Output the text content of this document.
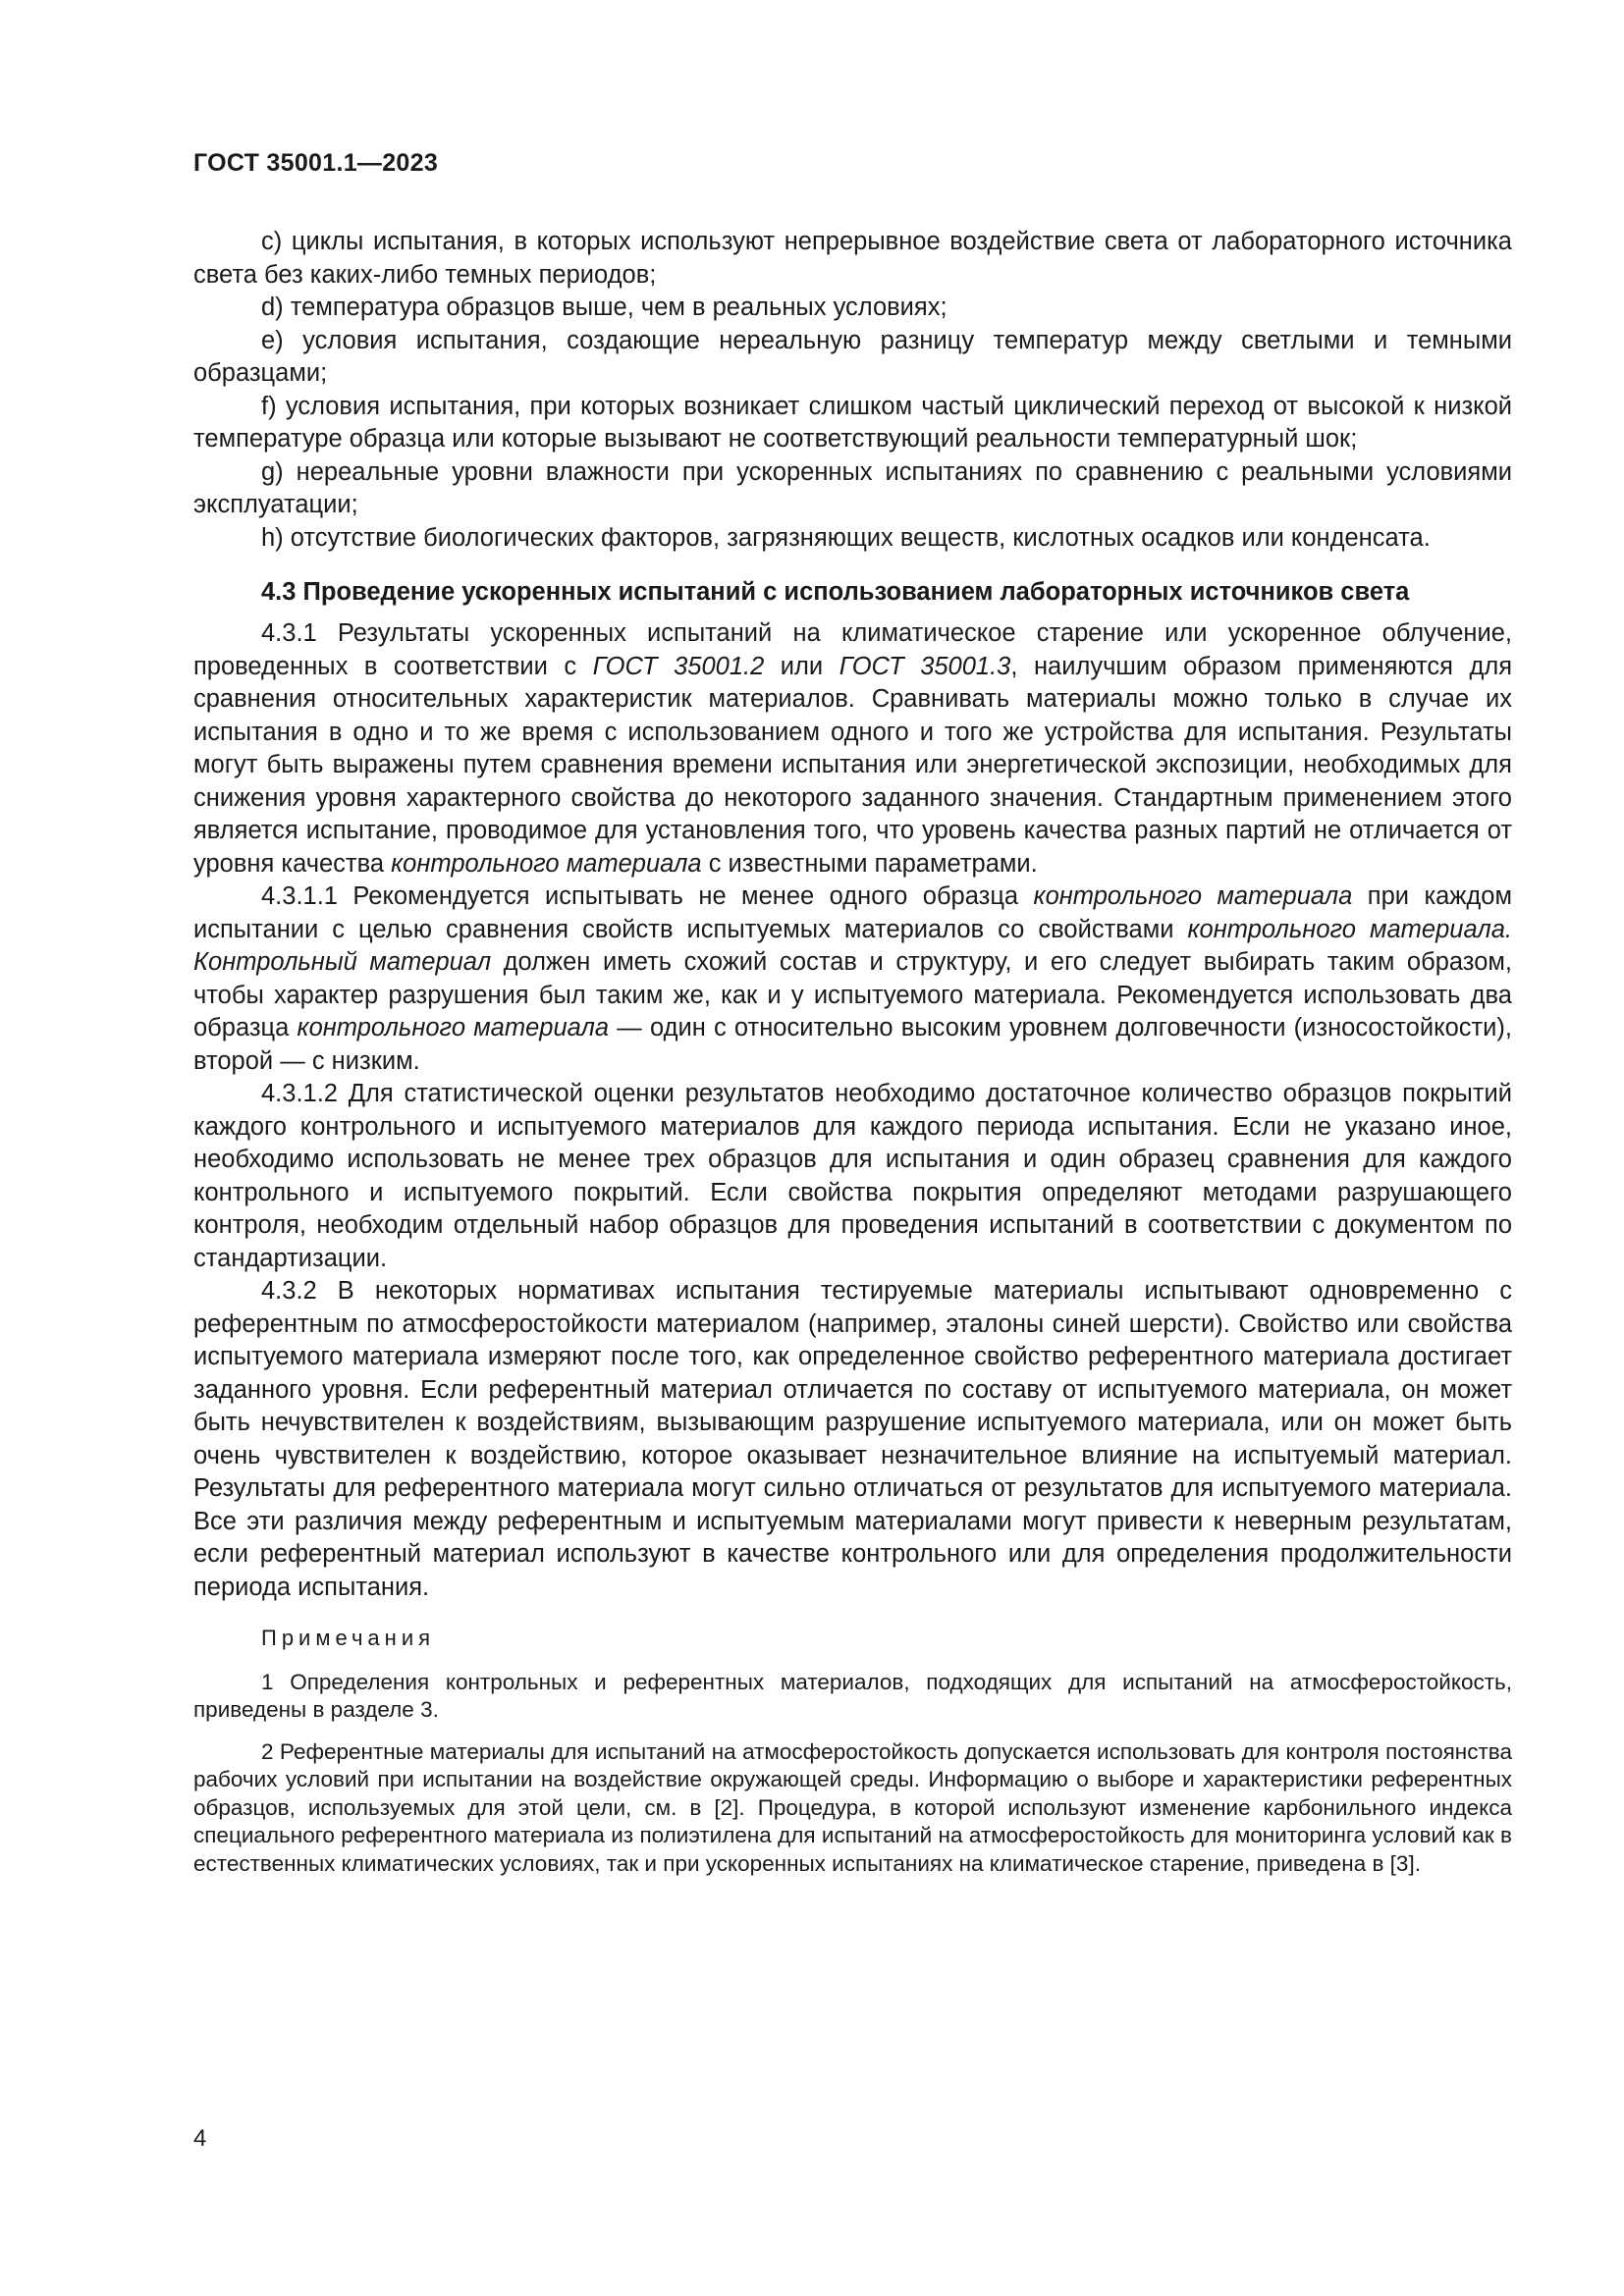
ГОСТ 35001.1—2023

c) циклы испытания, в которых используют непрерывное воздействие света от лабораторного источника света без каких-либо темных периодов;

d) температура образцов выше, чем в реальных условиях;

e) условия испытания, создающие нереальную разницу температур между светлыми и темными образцами;

f) условия испытания, при которых возникает слишком частый циклический переход от высокой к низкой температуре образца или которые вызывают не соответствующий реальности температурный шок;

g) нереальные уровни влажности при ускоренных испытаниях по сравнению с реальными условиями эксплуатации;

h) отсутствие биологических факторов, загрязняющих веществ, кислотных осадков или конденсата.

4.3 Проведение ускоренных испытаний с использованием лабораторных источников света

4.3.1 Результаты ускоренных испытаний на климатическое старение или ускоренное облучение, проведенных в соответствии с ГОСТ 35001.2 или ГОСТ 35001.3, наилучшим образом применяются для сравнения относительных характеристик материалов. Сравнивать материалы можно только в случае их испытания в одно и то же время с использованием одного и того же устройства для испытания. Результаты могут быть выражены путем сравнения времени испытания или энергетической экспозиции, необходимых для снижения уровня характерного свойства до некоторого заданного значения. Стандартным применением этого является испытание, проводимое для установления того, что уровень качества разных партий не отличается от уровня качества контрольного материала с известными параметрами.

4.3.1.1 Рекомендуется испытывать не менее одного образца контрольного материала при каждом испытании с целью сравнения свойств испытуемых материалов со свойствами контрольного материала. Контрольный материал должен иметь схожий состав и структуру, и его следует выбирать таким образом, чтобы характер разрушения был таким же, как и у испытуемого материала. Рекомендуется использовать два образца контрольного материала — один с относительно высоким уровнем долговечности (износостойкости), второй — с низким.

4.3.1.2 Для статистической оценки результатов необходимо достаточное количество образцов покрытий каждого контрольного и испытуемого материалов для каждого периода испытания. Если не указано иное, необходимо использовать не менее трех образцов для испытания и один образец сравнения для каждого контрольного и испытуемого покрытий. Если свойства покрытия определяют методами разрушающего контроля, необходим отдельный набор образцов для проведения испытаний в соответствии с документом по стандартизации.

4.3.2 В некоторых нормативах испытания тестируемые материалы испытывают одновременно с референтным по атмосферостойкости материалом (например, эталоны синей шерсти). Свойство или свойства испытуемого материала измеряют после того, как определенное свойство референтного материала достигает заданного уровня. Если референтный материал отличается по составу от испытуемого материала, он может быть нечувствителен к воздействиям, вызывающим разрушение испытуемого материала, или он может быть очень чувствителен к воздействию, которое оказывает незначительное влияние на испытуемый материал. Результаты для референтного материала могут сильно отличаться от результатов для испытуемого материала. Все эти различия между референтным и испытуемым материалами могут привести к неверным результатам, если референтный материал используют в качестве контрольного или для определения продолжительности периода испытания.

Примечания

1 Определения контрольных и референтных материалов, подходящих для испытаний на атмосферостойкость, приведены в разделе 3.

2 Референтные материалы для испытаний на атмосферостойкость допускается использовать для контроля постоянства рабочих условий при испытании на воздействие окружающей среды. Информацию о выборе и характеристики референтных образцов, используемых для этой цели, см. в [2]. Процедура, в которой используют изменение карбонильного индекса специального референтного материала из полиэтилена для испытаний на атмосферостойкость для мониторинга условий как в естественных климатических условиях, так и при ускоренных испытаниях на климатическое старение, приведена в [3].

4
